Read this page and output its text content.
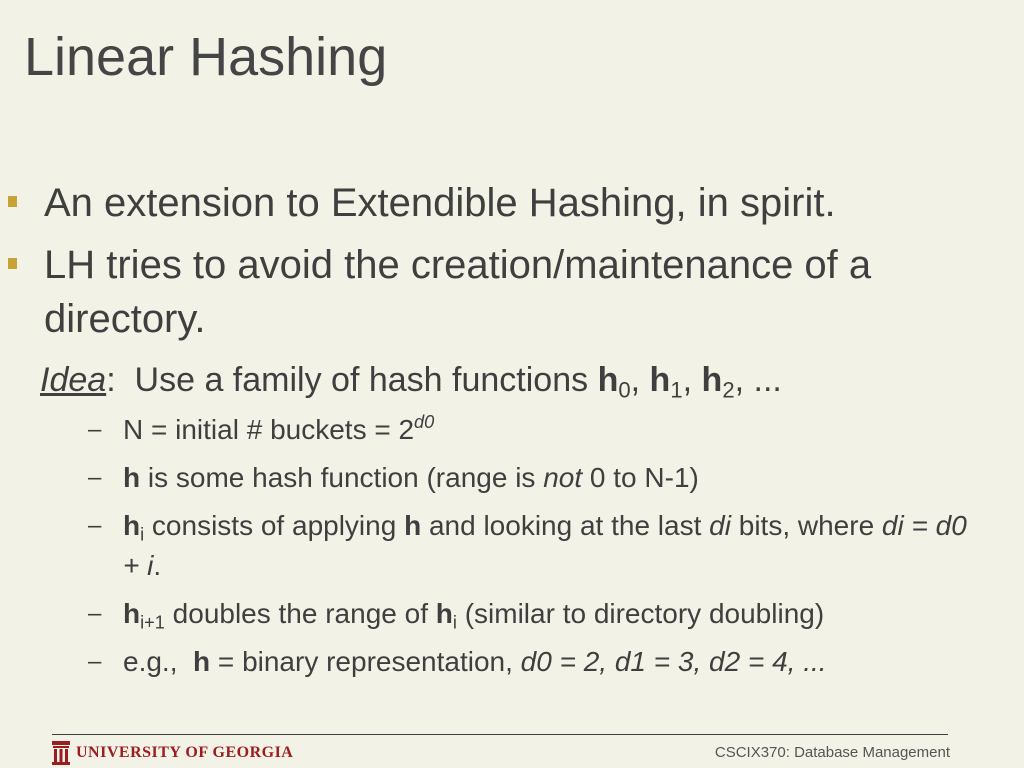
Linear Hashing
An extension to Extendible Hashing, in spirit.
LH tries to avoid the creation/maintenance of a directory.
Idea: Use a family of hash functions $h_0$, $h_1$, $h_2$, ...
– N = initial # buckets = $2^{d0}$
– h is some hash function (range is not 0 to N-1)
– $h_i$ consists of applying h and looking at the last di bits, where di = d0 + i.
– $h_{i+1}$ doubles the range of $h_i$ (similar to directory doubling)
– e.g.,  h = binary representation, d0 = 2, d1 = 3, d2 = 4, ...
UNIVERSITY OF GEORGIA	CSCIX370: Database Management
